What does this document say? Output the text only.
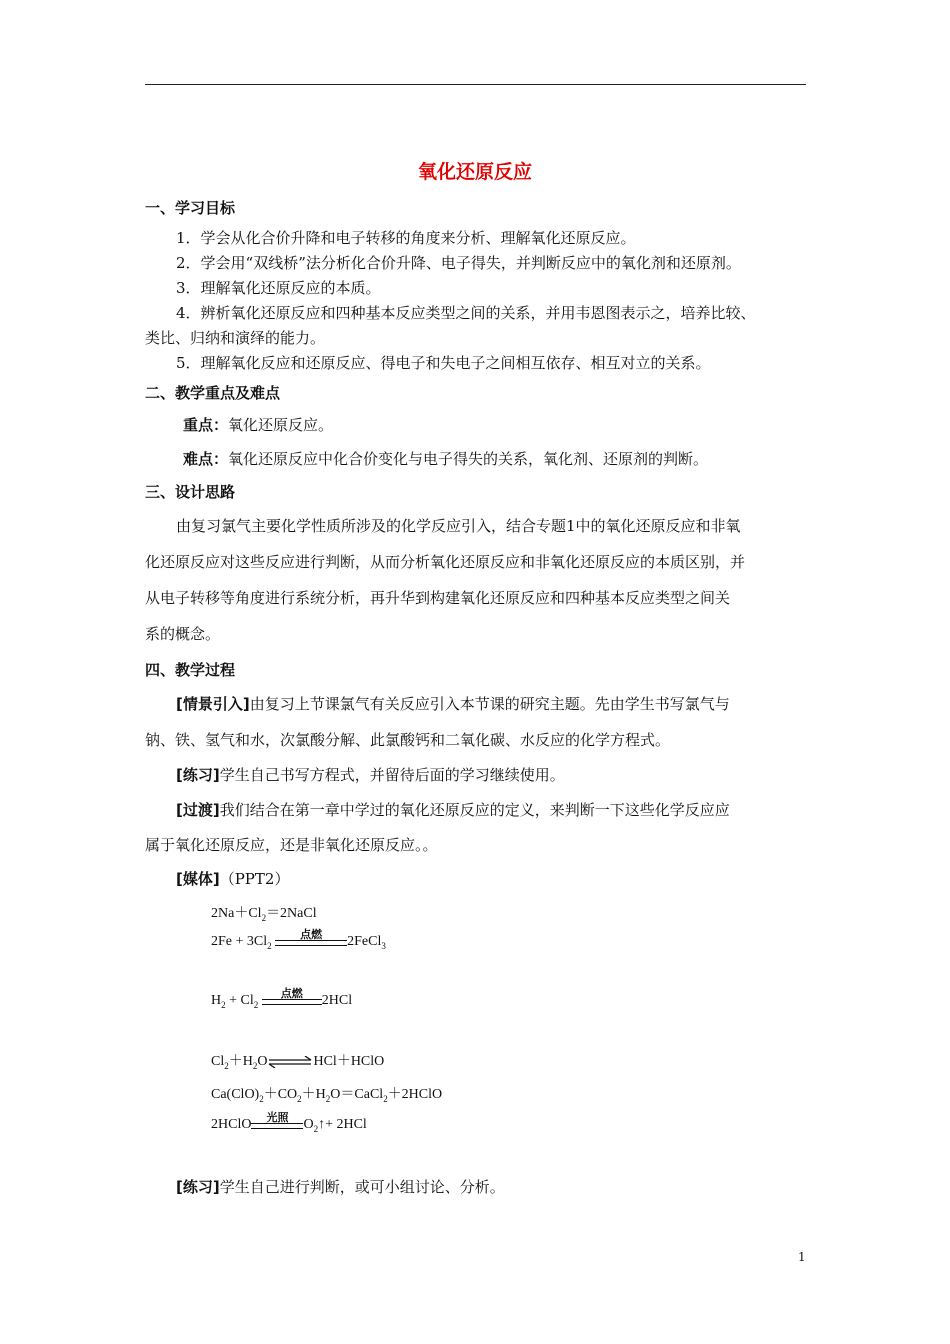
氧化还原反应
一、学习目标
1．学会从化合价升降和电子转移的角度来分析、理解氧化还原反应。
2．学会用“双线桥”法分析化合价升降、电子得失，并判断反应中的氧化剂和还原剂。
3．理解氧化还原反应的本质。
4．辨析氧化还原反应和四种基本反应类型之间的关系，并用韦恩图表示之，培养比较、
类比、归纳和演绎的能力。
5．理解氧化反应和还原反应、得电子和失电子之间相互依存、相互对立的关系。
二、教学重点及难点
重点：氧化还原反应。
难点：氧化还原反应中化合价变化与电子得失的关系，氧化剂、还原剂的判断。
三、设计思路
由复习氯气主要化学性质所涉及的化学反应引入，结合专题1中的氧化还原反应和非氧
化还原反应对这些反应进行判断，从而分析氧化还原反应和非氧化还原反应的本质区别，并
从电子转移等角度进行系统分析，再升华到构建氧化还原反应和四种基本反应类型之间关
系的概念。
四、教学过程
[情景引入]由复习上节课氯气有关反应引入本节课的研究主题。先由学生书写氯气与
钠、铁、氢气和水，次氯酸分解、此氯酸钙和二氧化碳、水反应的化学方程式。
[练习]学生自己书写方程式，并留待后面的学习继续使用。
[过渡]我们结合在第一章中学过的氧化还原反应的定义，来判断一下这些化学反应应
属于氧化还原反应，还是非氧化还原反应。。
[媒体]（PPT2）
$2Na+Cl_2=2NaCl$
$2Fe + 3Cl_2$
点燃	2FeCl$_3$
$H_2 + Cl_2$
点燃	2HCl
$Cl_2+H_2O\rightleftharpoons HCl+HClO$
$Ca(ClO)_2+CO_2+H_2O=CaCl_2+2HClO$
2HClO	光照	$O_2↑+ 2HCl$
[练习]学生自己进行判断，或可小组讨论、分析。
1
